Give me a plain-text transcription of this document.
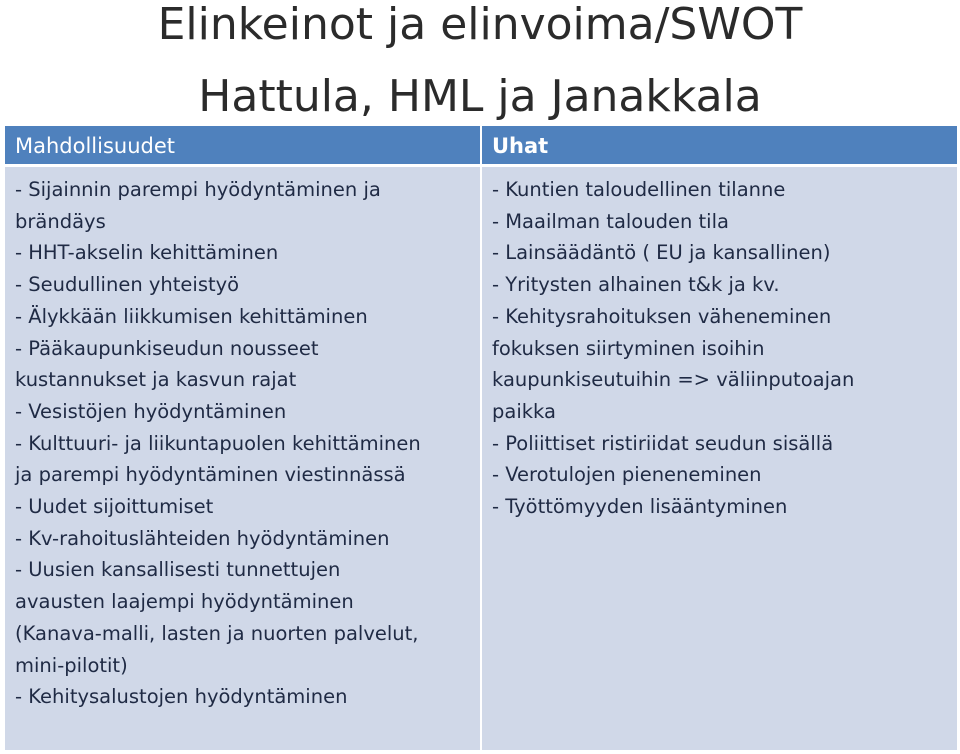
Elinkeinot ja elinvoima/SWOT
Hattula, HML ja Janakkala
Mahdollisuudet
- Sijainnin parempi hyödyntäminen ja
brändäys
- HHT-akselin kehittäminen
- Seudullinen yhteistyö
- Älykkään liikkumisen kehittäminen
- Pääkaupunkiseudun nousseet
kustannukset ja kasvun rajat
- Vesistöjen hyödyntäminen
- Kulttuuri- ja liikuntapuolen kehittäminen
ja parempi hyödyntäminen viestinnässä
- Uudet sijoittumiset
- Kv-rahoituslähteiden hyödyntäminen
- Uusien kansallisesti tunnettujen
avausten laajempi hyödyntäminen
(Kanava-malli, lasten ja nuorten palvelut,
mini-pilotit)
- Kehitysalustojen hyödyntäminen
Uhat
- Kuntien taloudellinen tilanne
- Maailman talouden tila
- Lainsäädäntö ( EU ja kansallinen)
- Yritysten alhainen t&k ja kv.
- Kehitysrahoituksen väheneminen
fokuksen siirtyminen isoihin
kaupunkiseutuihin => väliinputoajan
paikka
- Poliittiset ristiriidat seudun sisällä
- Verotulojen pieneneminen
- Työttömyyden lisääntyminen
